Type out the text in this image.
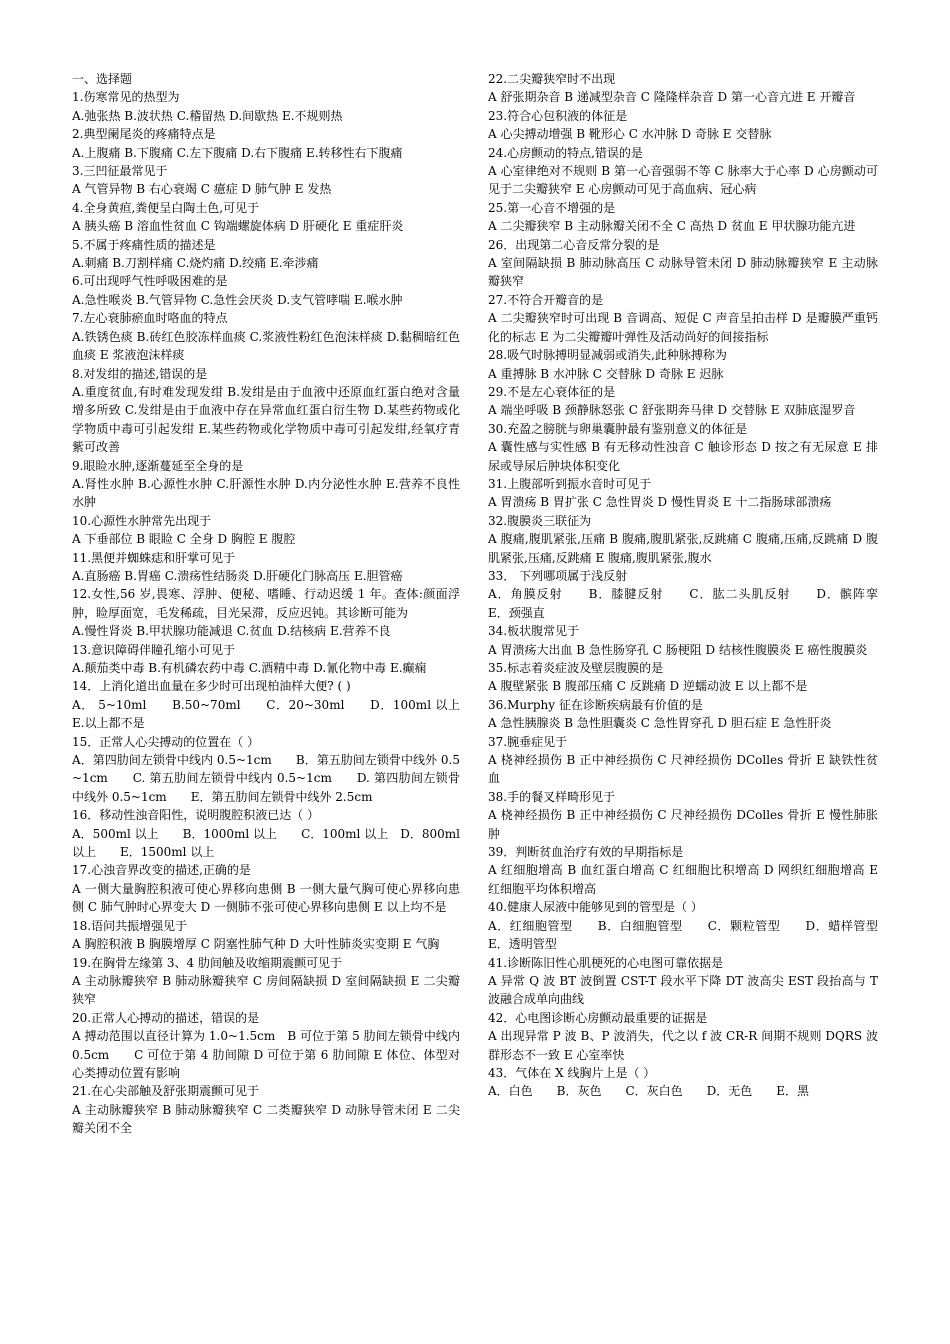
一、选择题

1.伤寒常见的热型为

A.弛张热 B.波状热 C.稽留热 D.间歇热 E.不规则热

2.典型阑尾炎的疼痛特点是

A.上腹痛 B.下腹痛 C.左下腹痛 D.右下腹痛 E.转移性右下腹痛

3.三凹征最常见于

A 气管异物 B 右心衰竭 C 癔症 D 肺气肿 E 发热

4.全身黄疸,粪便呈白陶土色,可见于

A 胰头癌 B 溶血性贫血 C 钩端螺旋体病 D 肝硬化 E 重症肝炎

5.不属于疼痛性质的描述是

A.刺痛 B.刀割样痛 C.烧灼痛 D.绞痛 E.牵涉痛

6.可出现呼气性呼吸困难的是

A.急性喉炎 B.气管异物 C.急性会厌炎 D.支气管哮喘 E.喉水肿

7.左心衰肺瘀血时咯血的特点

A.铁锈色痰 B.砖红色胶冻样血痰 C.浆液性粉红色泡沫样痰 D.黏稠暗红色血痰 E 浆液泡沫样痰

8.对发绀的描述,错误的是

A.重度贫血,有时难发现发绀 B.发绀是由于血液中还原血红蛋白绝对含量增多所致 C.发绀是由于血液中存在异常血红蛋白衍生物 D.某些药物或化学物质中毒可引起发绀 E.某些药物或化学物质中毒可引起发绀,经氧疗青紫可改善

9.眼睑水肿,逐渐蔓延至全身的是

A.肾性水肿 B.心源性水肿 C.肝源性水肿 D.内分泌性水肿 E.营养不良性水肿

10.心源性水肿常先出现于

A 下垂部位 B 眼睑 C 全身 D 胸腔 E 腹腔

11.黑便并蜘蛛痣和肝掌可见于

A.直肠癌 B.胃癌 C.溃疡性结肠炎 D.肝硬化门脉高压 E.胆管癌

12.女性,56 岁,畏寒、浮肿、便秘、嗜睡、行动迟缓 1 年。查体:颜面浮肿，睑厚面宽，毛发稀疏，目光呆滞，反应迟钝。其诊断可能为

A.慢性肾炎 B.甲状腺功能减退 C.贫血 D.结核病 E.营养不良

13.意识障碍伴瞳孔缩小可见于

A.颠茄类中毒 B.有机磷农药中毒 C.酒精中毒 D.氰化物中毒 E.癫痫

14．上消化道出血量在多少时可出现柏油样大便? ( )

A． 5~10ml　　B.50~70ml　　C．20~30ml　　D．100ml 以上 E.以上都不是

15．正常人心尖搏动的位置在（ ）

A．第四肋间左锁骨中线内 0.5~1cm　　B．第五肋间左锁骨中线外 0.5~1cm　　C. 第五肋间左锁骨中线内 0.5~1cm　　D. 第四肋间左锁骨中线外 0.5~1cm　　E．第五肋间左锁骨中线外 2.5cm

16．移动性浊音阳性，说明腹腔积液已达（ ）

A．500ml 以上　　B．1000ml 以上　　C．100ml 以上　D．800ml以上　　E．1500ml 以上

17.心浊音界改变的描述,正确的是

A 一侧大量胸腔积液可使心界移向患侧 B 一侧大量气胸可使心界移向患侧 C 肺气肿时心界变大 D 一侧肺不张可使心界移向患侧 E 以上均不是

18.语问共振增强见于

A 胸腔积液 B 胸膜增厚 C 阴塞性肺气种 D 大叶性肺炎实变期 E 气胸

19.在胸骨左缘第 3、4 肋间触及收缩期震颤可见于

A 主动脉瓣狭窄 B 肺动脉瓣狭窄 C 房间隔缺损 D 室间隔缺损 E 二尖瓣狭窄

20.正常人心搏动的描述，错误的是

A 搏动范围以直径计算为 1.0~1.5cm　B 可位于第 5 肋间左锁骨中线内 0.5cm　　C 可位于第 4 肋间隙 D 可位于第 6 肋间隙 E 体位、体型对心类搏动位置有影响

21.在心尖部触及舒张期震颤可见于

A 主动脉瓣狭窄 B 肺动脉瓣狭窄 C 二类瓣狭窄 D 动脉导管未闭 E 二尖瓣关闭不全

22.二尖瓣狭窄时不出现

A 舒张期杂音 B 递减型杂音 C 隆隆样杂音 D 第一心音亢进 E 开瓣音

23.符合心包积液的体征是

A 心尖搏动增强 B 靴形心 C 水冲脉 D 奇脉 E 交替脉

24.心房颤动的特点,错误的是

A 心室律绝对不规则 B 第一心音强弱不等 C 脉率大于心率 D 心房颤动可见于二尖瓣狭窄 E 心房颤动可见于高血病、冠心病

25.第一心音不增强的是

A 二尖瓣狭窄 B 主动脉瓣关闭不全 C 高热 D 贫血 E 甲状腺功能亢进

26．出现第二心音反常分裂的是

A 室间隔缺损 B 肺动脉高压 C 动脉导管未闭 D 肺动脉瓣狭窄 E 主动脉瓣狭窄

27.不符合开瓣音的是

A 二尖瓣狭窄时可出现 B 音调高、短促 C 声音呈拍击样 D 是瓣膜严重钙化的标志 E 为二尖瓣瓣叶弹性及活动尚好的间接指标

28.吸气时脉搏明显减弱或消失,此种脉搏称为

A 重搏脉 B 水冲脉 C 交替脉 D 奇脉 E 迟脉

29.不是左心衰体征的是

A 端坐呼吸 B 颈静脉怒张 C 舒张期奔马律 D 交替脉 E 双肺底湿罗音

30.充盈之膀胱与卵巢囊肿最有鉴别意义的体征是

A 囊性感与实性感 B 有无移动性浊音 C 触诊形态 D 按之有无尿意 E 排尿或导尿后肿块体积变化

31.上腹部听到振水音时可见于

A 胃溃疡 B 胃扩张 C 急性胃炎 D 慢性胃炎 E 十二指肠球部溃疡

32.腹膜炎三联征为

A 腹痛,腹肌紧张,压痛 B 腹痛,腹肌紧张,反跳痛 C 腹痛,压痛,反跳痛 D 腹肌紧张,压痛,反跳痛 E 腹痛,腹肌紧张,腹水

33． 下列哪项属于浅反射

A．角膜反射　　B．膝腱反射　　C．肱二头肌反射　　D．髌阵挛　　E．颈强直

34.板状腹常见于

A 胃溃疡大出血 B 急性肠穿孔 C 肠梗阻 D 结核性腹膜炎 E 癌性腹膜炎

35.标志着炎症波及壁层腹膜的是

A 腹壁紧张 B 腹部压痛 C 反跳痛 D 逆蠕动波 E 以上都不是

36.Murphy 征在诊断疾病最有价值的是

A 急性胰腺炎 B 急性胆囊炎 C 急性胃穿孔 D 胆石症 E 急性肝炎

37.腕垂症见于

A 桡神经损伤 B 正中神经损伤 C 尺神经损伤 DColles 骨折 E 缺铁性贫血

38.手的餐叉样畸形见于

A 桡神经损伤 B 正中神经损伤 C 尺神经损伤 DColles 骨折 E 慢性肺胀肿

39．判断贫血治疗有效的早期指标是

A 红细胞增高 B 血红蛋白增高 C 红细胞比积增高 D 网织红细胞增高 E 红细胞平均体积增高

40.健康人尿液中能够见到的管型是（ ）

A．红细胞管型　　B．白细胞管型　　C．颗粒管型　　D．蜡样管型　　E．透明管型

41.诊断陈旧性心肌梗死的心电图可靠依据是

A 异常 Q 波 BT 波倒置 CST-T 段水平下降 DT 波高尖 EST 段抬高与 T 波融合成单向曲线

42．心电图诊断心房颤动最重要的证据是

A 出现异常 P 波 B、P 波消失，代之以 f 波 CR-R 间期不规则 DQRS 波群形态不一致 E 心室率快

43．气体在 X 线胸片上是（ ）

A．白色　　B．灰色　　C．灰白色　　D．无色　　E．黑
